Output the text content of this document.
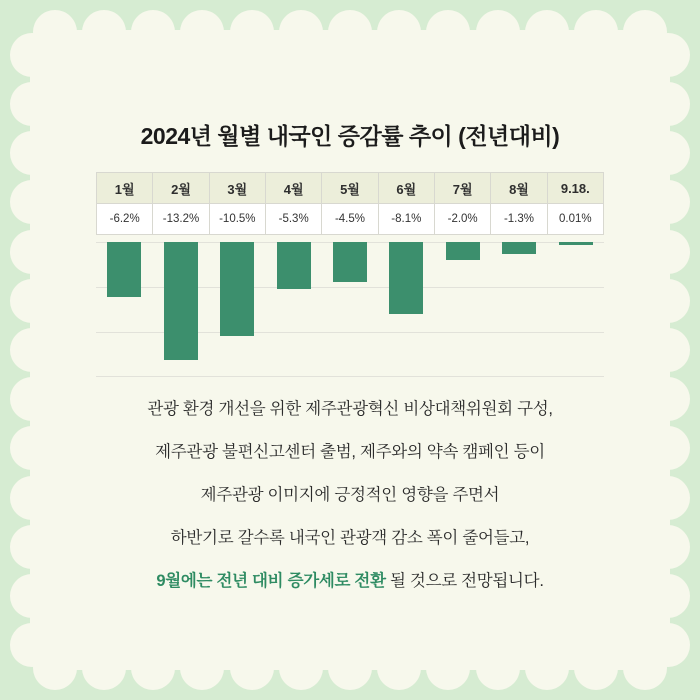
2024년 월별 내국인 증감률 추이 (전년대비)
1월	2월	3월	4월	5월	6월	7월	8월	9.18.
-6.2%	-13.2%	-10.5%	-5.3%	-4.5%	-8.1%	-2.0%	-1.3%	0.01%
관광 환경 개선을 위한 제주관광혁신 비상대책위원회 구성,
제주관광 불편신고센터 출범, 제주와의 약속 캠페인 등이
제주관광 이미지에 긍정적인 영향을 주면서
하반기로 갈수록 내국인 관광객 감소 폭이 줄어들고,
9월에는 전년 대비 증가세로 전환 될 것으로 전망됩니다.
